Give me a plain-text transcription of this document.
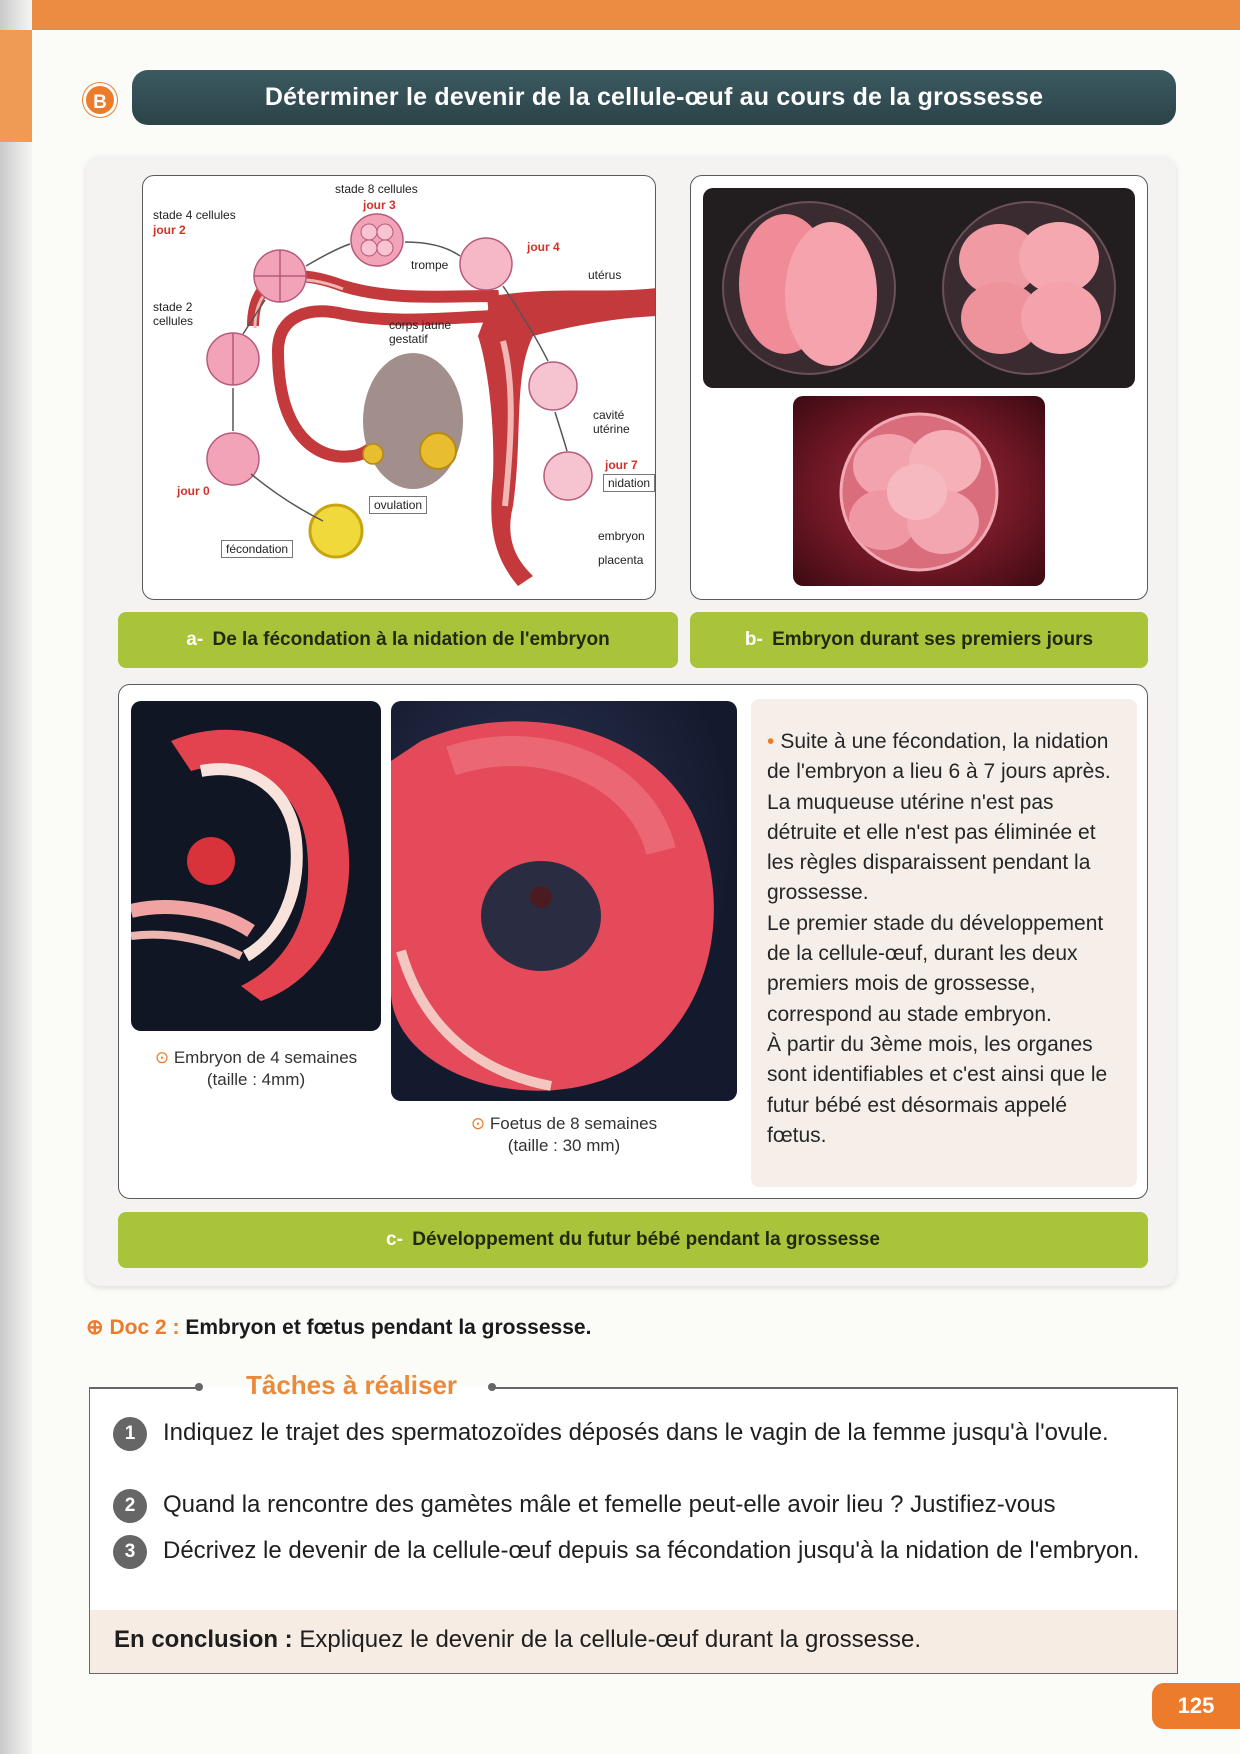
B	Déterminer le devenir de la cellule-œuf au cours de la grossesse
stade 8 cellules
jour 3
stade 4 cellules
jour 2
jour 4
utérus
trompe
stade 2 cellules	corps jaune gestatif
cavité utérine
jour 7
nidation
jour 0
ovulation
fécondation
embryon
placenta
a- De la fécondation à la nidation de l'embryon	b- Embryon durant ses premiers jours
⊙ Embryon de 4 semaines
(taille : 4mm)
⊙ Foetus de 8 semaines
(taille : 30 mm)
• Suite à une fécondation, la nidation de l'embryon a lieu 6 à 7 jours après. La muqueuse utérine n'est pas détruite et elle n'est pas éliminée et les règles disparaissent pendant la grossesse.
Le premier stade du développement de la cellule-œuf, durant les deux premiers mois de grossesse, correspond au stade embryon.
À partir du 3ème mois, les organes sont identifiables et c'est ainsi que le futur bébé est désormais appelé fœtus.
c- Développement du futur bébé pendant la grossesse
⊕ Doc 2 : Embryon et fœtus pendant la grossesse.
Tâches à réaliser
1	Indiquez le trajet des spermatozoïdes déposés dans le vagin de la femme jusqu'à l'ovule.
2	Quand la rencontre des gamètes mâle et femelle peut-elle avoir lieu ? Justifiez-vous
3	Décrivez le devenir de la cellule-œuf depuis sa fécondation jusqu'à la nidation de l'embryon.
En conclusion : Expliquez le devenir de la cellule-œuf durant la grossesse.
125
